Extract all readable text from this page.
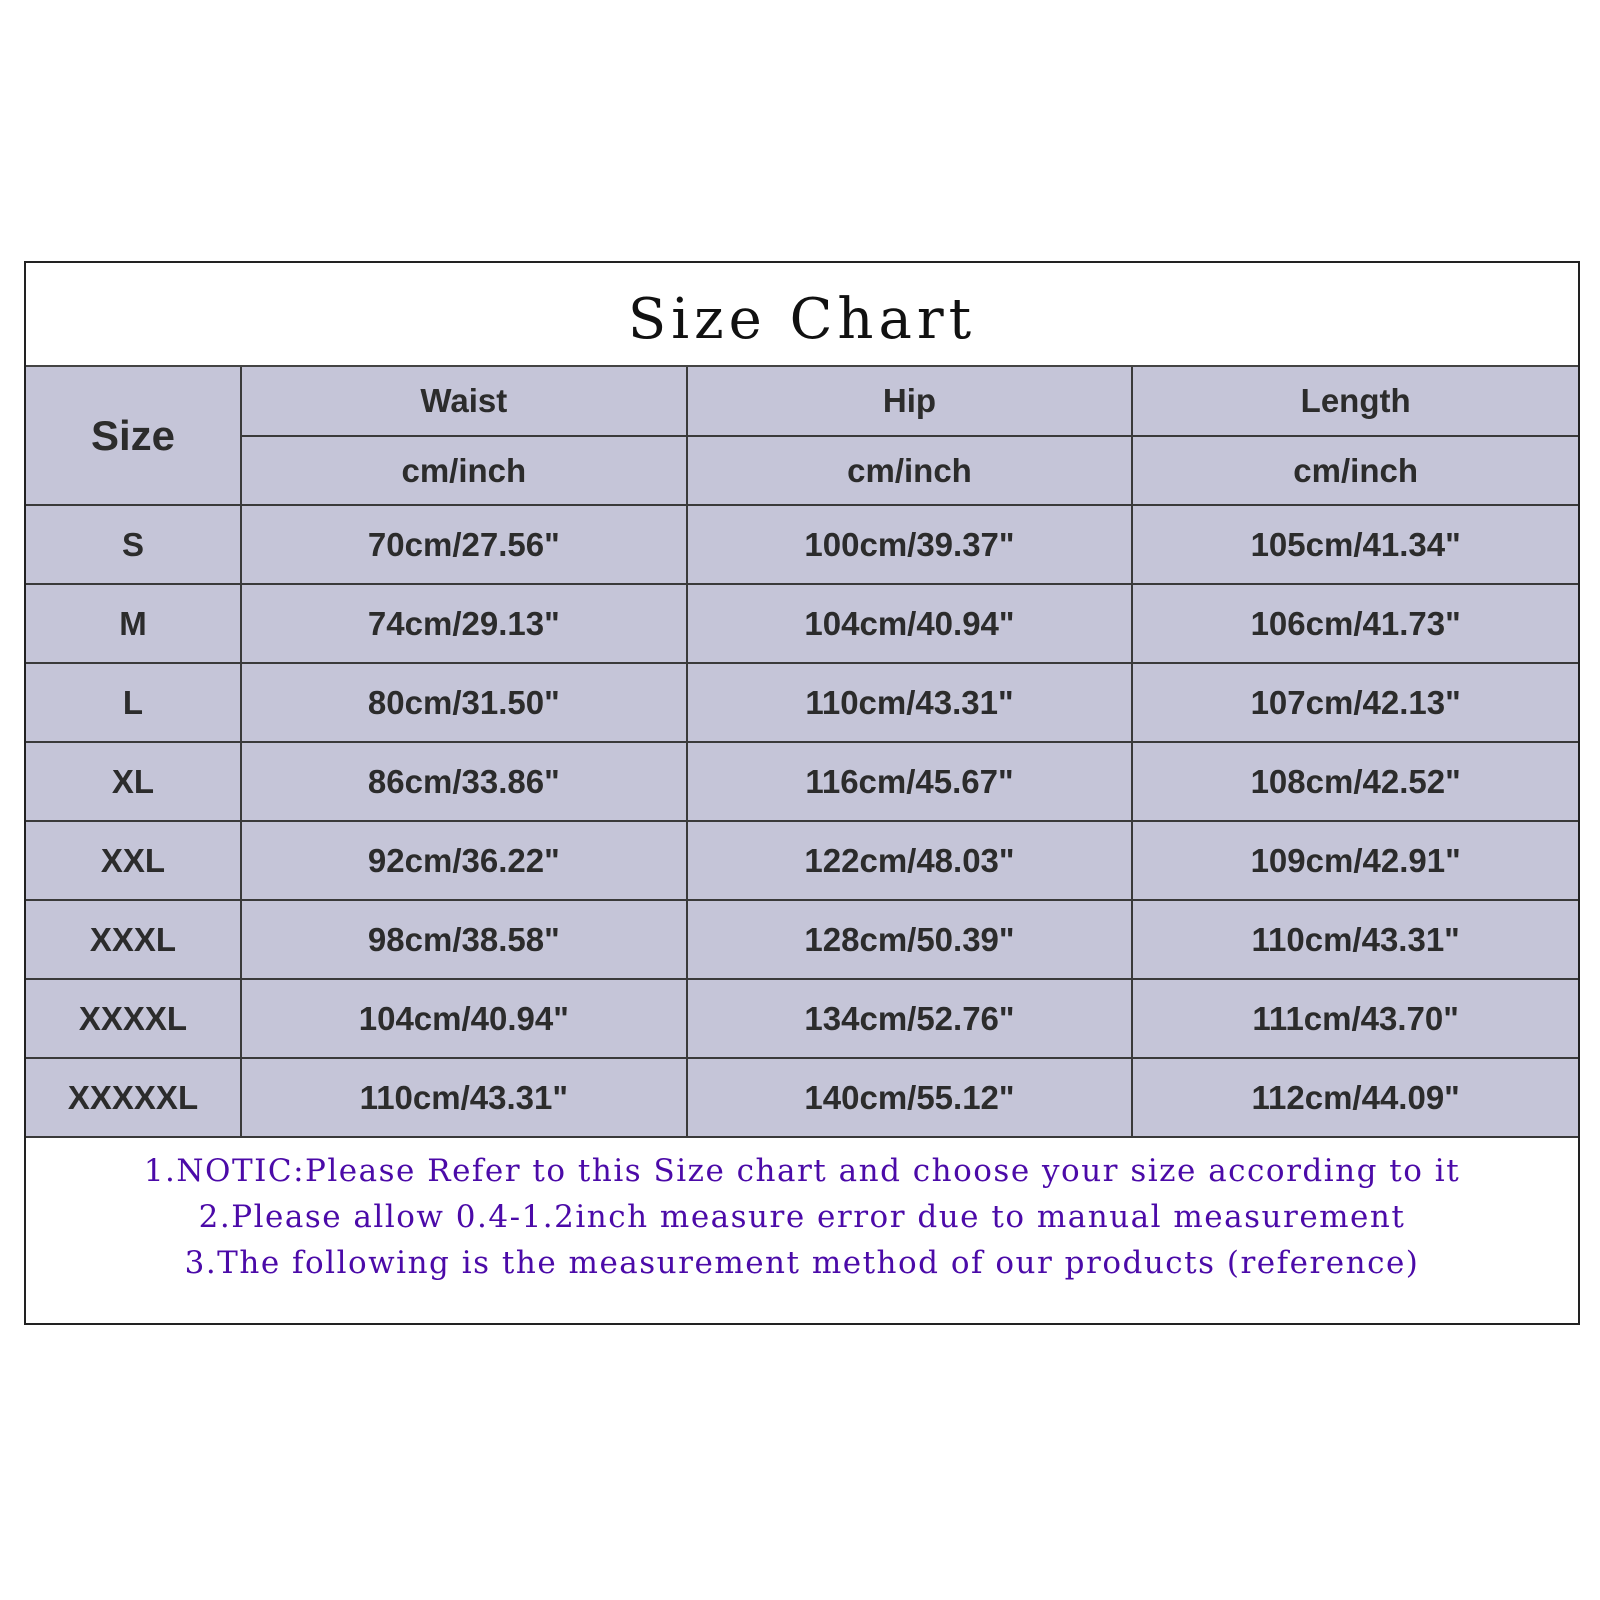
Size Chart
Size	Waist	Hip	Length
	cm/inch	cm/inch	cm/inch
S	70cm/27.56"	100cm/39.37"	105cm/41.34"
M	74cm/29.13"	104cm/40.94"	106cm/41.73"
L	80cm/31.50"	110cm/43.31"	107cm/42.13"
XL	86cm/33.86"	116cm/45.67"	108cm/42.52"
XXL	92cm/36.22"	122cm/48.03"	109cm/42.91"
XXXL	98cm/38.58"	128cm/50.39"	110cm/43.31"
XXXXL	104cm/40.94"	134cm/52.76"	111cm/43.70"
XXXXXL	110cm/43.31"	140cm/55.12"	112cm/44.09"
1.NOTIC:Please Refer to this Size chart and choose your size according to it
2.Please allow 0.4-1.2inch measure error due to manual measurement
3.The following is the measurement method of our products (reference)
